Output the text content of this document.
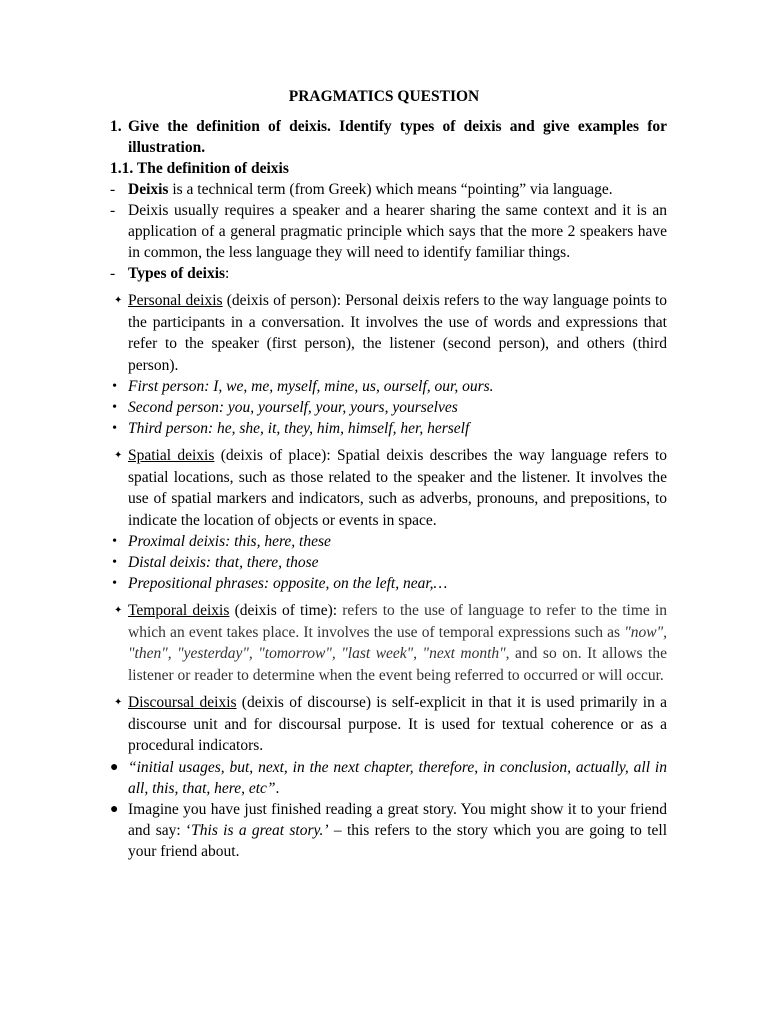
PRAGMATICS QUESTION
1. Give the definition of deixis. Identify types of deixis and give examples for illustration.
1.1. The definition of deixis
- Deixis is a technical term (from Greek) which means “pointing” via language.
- Deixis usually requires a speaker and a hearer sharing the same context and it is an application of a general pragmatic principle which says that the more 2 speakers have in common, the less language they will need to identify familiar things.
- Types of deixis:
✦ Personal deixis (deixis of person): Personal deixis refers to the way language points to the participants in a conversation. It involves the use of words and expressions that refer to the speaker (first person), the listener (second person), and others (third person).
• First person: I, we, me, myself, mine, us, ourself, our, ours.
• Second person: you, yourself, your, yours, yourselves
• Third person: he, she, it, they, him, himself, her, herself
✦ Spatial deixis (deixis of place): Spatial deixis describes the way language refers to spatial locations, such as those related to the speaker and the listener. It involves the use of spatial markers and indicators, such as adverbs, pronouns, and prepositions, to indicate the location of objects or events in space.
• Proximal deixis: this, here, these
• Distal deixis: that, there, those
• Prepositional phrases: opposite, on the left, near,…
✦ Temporal deixis (deixis of time): refers to the use of language to refer to the time in which an event takes place. It involves the use of temporal expressions such as "now", "then", "yesterday", "tomorrow", "last week", "next month", and so on. It allows the listener or reader to determine when the event being referred to occurred or will occur.
✦ Discoursal deixis (deixis of discourse) is self-explicit in that it is used primarily in a discourse unit and for discoursal purpose. It is used for textual coherence or as a procedural indicators.
● “initial usages, but, next, in the next chapter, therefore, in conclusion, actually, all in all, this, that, here, etc”.
● Imagine you have just finished reading a great story. You might show it to your friend and say: ‘This is a great story.’ – this refers to the story which you are going to tell your friend about.
